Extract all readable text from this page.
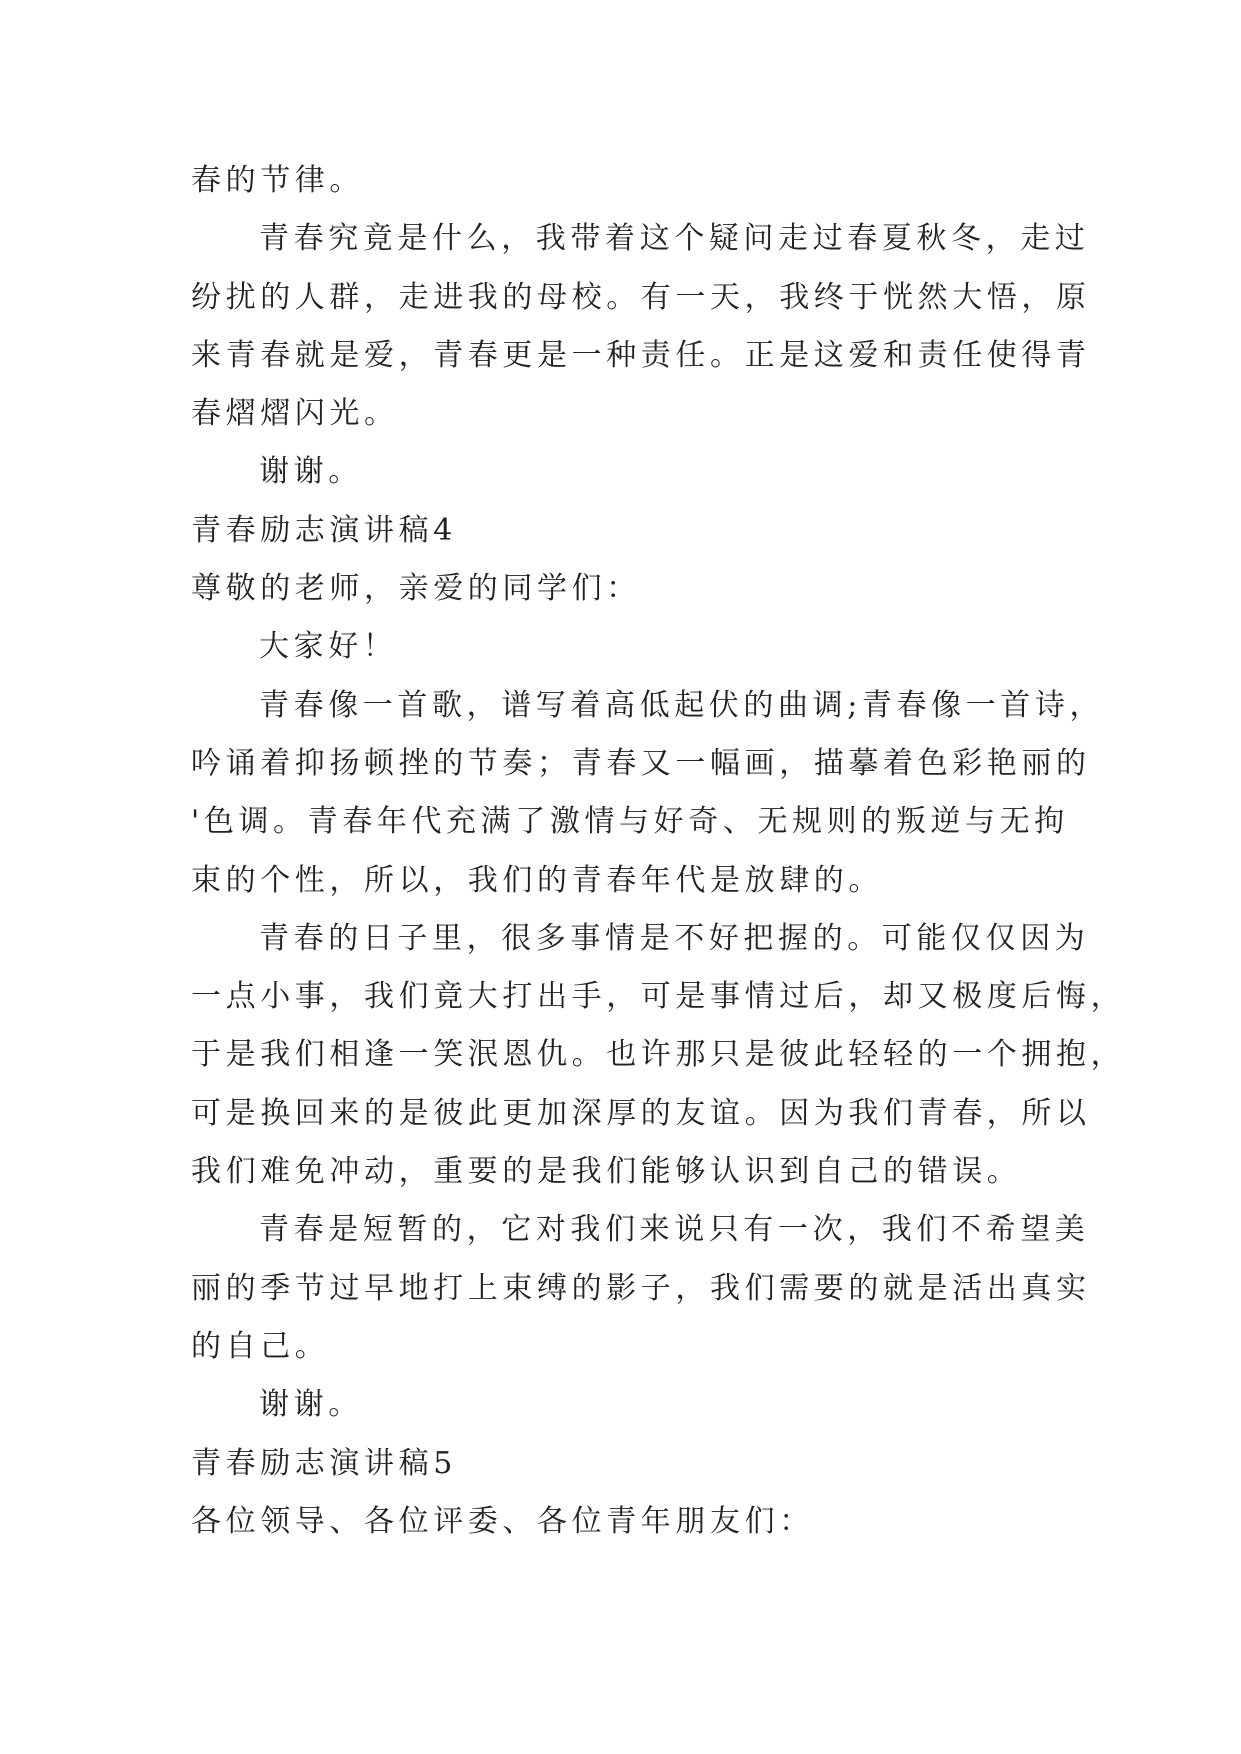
春的节律。
青春究竟是什么，我带着这个疑问走过春夏秋冬，走过
纷扰的人群，走进我的母校。有一天，我终于恍然大悟，原
来青春就是爱，青春更是一种责任。正是这爱和责任使得青
春熠熠闪光。
谢谢。
青春励志演讲稿4
尊敬的老师，亲爱的同学们：
大家好！
青春像一首歌，谱写着高低起伏的曲调;青春像一首诗，
吟诵着抑扬顿挫的节奏；青春又一幅画，描摹着色彩艳丽的
'色调。青春年代充满了激情与好奇、无规则的叛逆与无拘
束的个性，所以，我们的青春年代是放肆的。
青春的日子里，很多事情是不好把握的。可能仅仅因为
一点小事，我们竟大打出手，可是事情过后，却又极度后悔，
于是我们相逢一笑泯恩仇。也许那只是彼此轻轻的一个拥抱，
可是换回来的是彼此更加深厚的友谊。因为我们青春，所以
我们难免冲动，重要的是我们能够认识到自己的错误。
青春是短暂的，它对我们来说只有一次，我们不希望美
丽的季节过早地打上束缚的影子，我们需要的就是活出真实
的自己。
谢谢。
青春励志演讲稿5
各位领导、各位评委、各位青年朋友们：
